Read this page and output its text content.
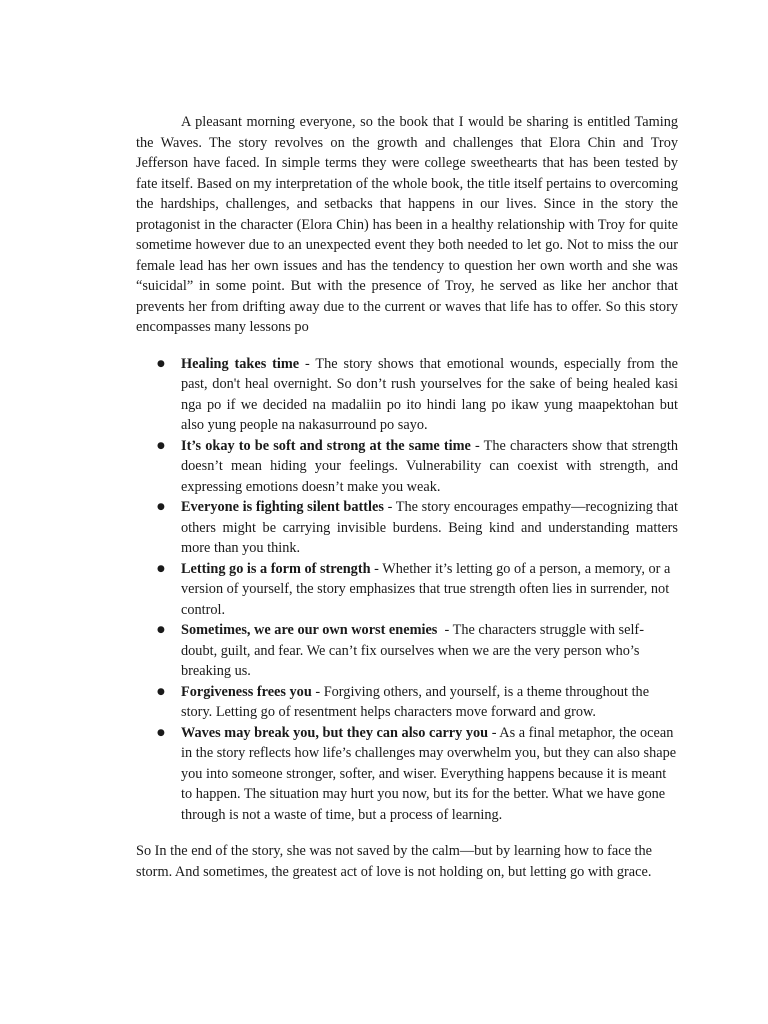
A pleasant morning everyone, so the book that I would be sharing is entitled Taming the Waves. The story revolves on the growth and challenges that Elora Chin and Troy Jefferson have faced. In simple terms they were college sweethearts that has been tested by fate itself. Based on my interpretation of the whole book, the title itself pertains to overcoming the hardships, challenges, and setbacks that happens in our lives. Since in the story the protagonist in the character (Elora Chin) has been in a healthy relationship with Troy for quite sometime however due to an unexpected event they both needed to let go. Not to miss the our female lead has her own issues and has the tendency to question her own worth and she was “suicidal” in some point. But with the presence of Troy, he served as like her anchor that prevents her from drifting away due to the current or waves that life has to offer. So this story encompasses many lessons po

● Healing takes time - The story shows that emotional wounds, especially from the past, don't heal overnight. So don’t rush yourselves for the sake of being healed kasi nga po if we decided na madaliin po ito hindi lang po ikaw yung maapektohan but also yung people na nakasurround po sayo.
● It’s okay to be soft and strong at the same time - The characters show that strength doesn’t mean hiding your feelings. Vulnerability can coexist with strength, and expressing emotions doesn’t make you weak.
● Everyone is fighting silent battles - The story encourages empathy—recognizing that others might be carrying invisible burdens. Being kind and understanding matters more than you think.
● Letting go is a form of strength - Whether it’s letting go of a person, a memory, or a version of yourself, the story emphasizes that true strength often lies in surrender, not control.
● Sometimes, we are our own worst enemies  - The characters struggle with self-doubt, guilt, and fear. We can’t fix ourselves when we are the very person who’s breaking us.
● Forgiveness frees you - Forgiving others, and yourself, is a theme throughout the story. Letting go of resentment helps characters move forward and grow.
● Waves may break you, but they can also carry you - As a final metaphor, the ocean in the story reflects how life’s challenges may overwhelm you, but they can also shape you into someone stronger, softer, and wiser. Everything happens because it is meant to happen. The situation may hurt you now, but its for the better. What we have gone through is not a waste of time, but a process of learning.

So In the end of the story, she was not saved by the calm—but by learning how to face the storm. And sometimes, the greatest act of love is not holding on, but letting go with grace.
